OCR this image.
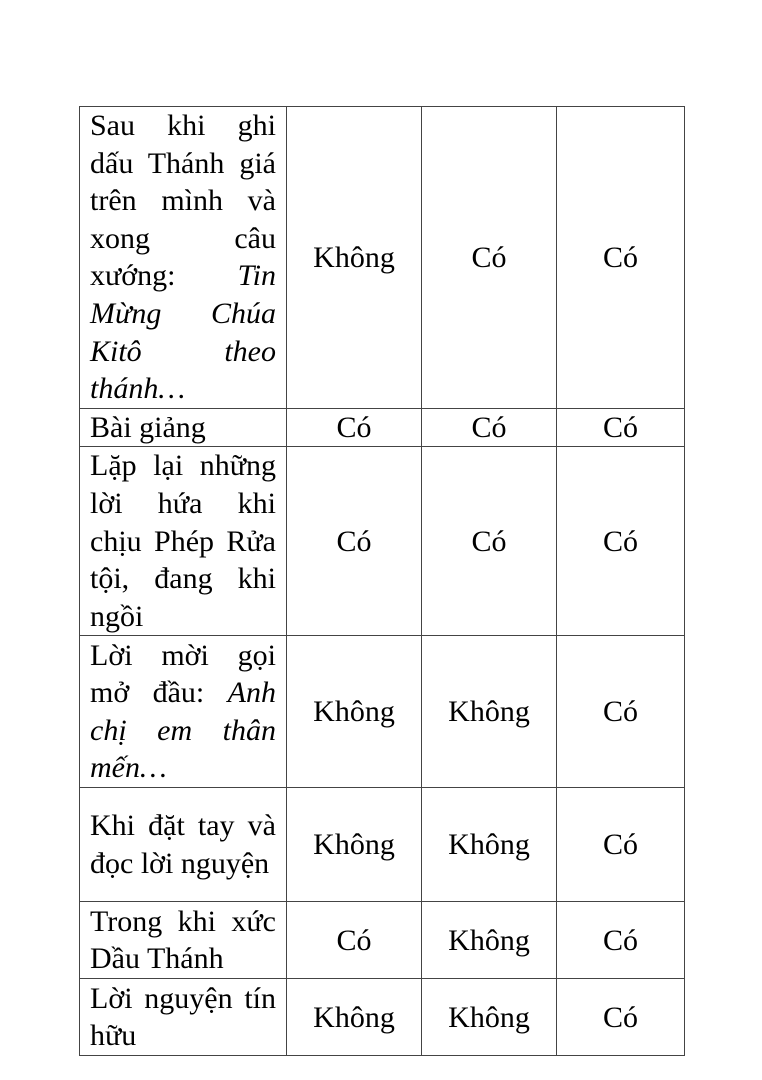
Sau khi ghi dấu Thánh giá trên mình và xong câu xướng: Tin Mừng Chúa Kitô theo thánh…	Không	Có	Có
Bài giảng	Có	Có	Có
Lặp lại những lời hứa khi chịu Phép Rửa tội, đang khi ngồi	Có	Có	Có
Lời mời gọi mở đầu: Anh chị em thân mến…	Không	Không	Có
Khi đặt tay và đọc lời nguyện	Không	Không	Có
Trong khi xức Dầu Thánh	Có	Không	Có
Lời nguyện tín hữu	Không	Không	Có
